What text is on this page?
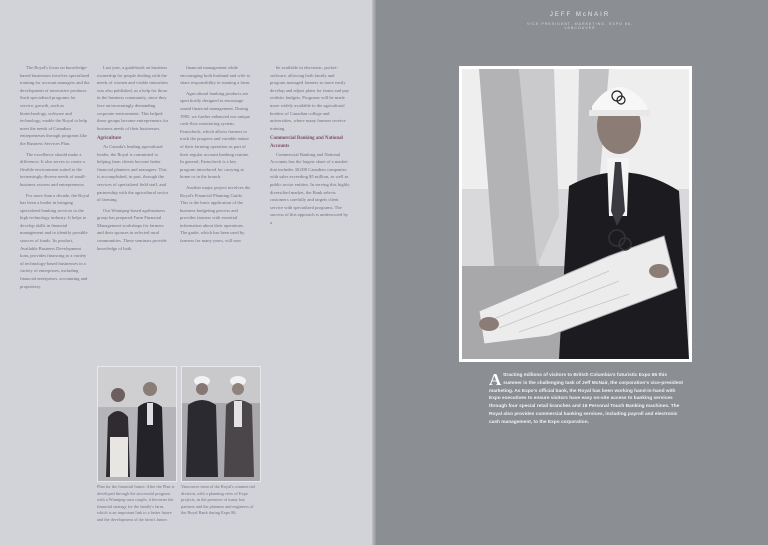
The Royal's focus on knowledge-based businesses involves specialized training for account managers and the development of innovative products. Such specialized programs for service, growth, such as biotechnology, software and technology, enable the Royal to help meet the needs of Canadian entrepreneurs through programs like the Business Services Plan.

The excellence should make a difference. It also serves to create a flexible environment suited to the increasingly diverse needs of small-business owners and entrepreneurs.

For more than a decade, the Royal has been a leader in bringing specialized banking services to the high technology industry. It helps to develop skills in financial management and to identify possible sources of funds. Its product, Available Business Development loan, provides financing to a variety of technology-based businesses in a variety of enterprises, including financial enterprises, accounting and proprietary.

Last year, a guidebook on business ownership for people dealing with the needs of women and visible minorities was also published, as a help for those in the business community, since they face an increasingly demanding corporate environment. This helped these groups become entrepreneurs for business needs of their businesses.

Agriculture

As Canada's leading agricultural lender, the Royal is committed to helping farm clients become better financial planners and managers. This is accomplished, in part, through the services of specialized field staff, and partnership with the agricultural sector of farming.

Our Winnipeg-based agribusiness group has prepared Farm Financial Management workshops for farmers and their spouses in selected rural communities. These seminars provide knowledge of both

financial management while encouraging both husband and wife to share responsibility in running a farm.

Agricultural banking products are specifically designed to encourage sound financial management. During 1985, we further enhanced our unique cash-flow monitoring system, Farmcheck, which allows farmers to track the progress and variable nature of their farming operation as part of their regular account banking routine. In general, Farmcheck is a key program introduced for carrying at home or in the branch.

Another major project involves the Royal's Financial Planning Guide. This is the basic application of the business budgeting process and provides farmers with essential information about their operations. The guide, which has been used by farmers for many years, will now

be available in electronic, pocket-software, allowing both family and program managed farmers to more easily develop and adjust plans for farms and pay realistic budgets. Programs will be made more widely available to the agricultural borders of Canadian college and universities, where many farmers receive training.

Commercial Banking and National Accounts

Commercial Banking and National Accounts has the largest share of a market that includes 30,000 Canadian companies with sales exceeding $5 million, as well as public sector entities. In serving this highly diversified market, the Bank selects customers carefully and targets client service with specialized programs. The success of this approach is underscored by a

Plan for the financial future. After the Plan is developed through the successful program with a Winnipeg-area couple, it becomes the financial strategy for the family's farm, which is an important link to a better future and the development of the farm's future.
Vancouver team of the Royal's commercial division, with a planning view of Expo projects, in the presence of many key partners and the planners and engineers of the Royal Bank during Expo 86.
JEFF McNAIR
VICE PRESIDENT, MARKETING, EXPO 86, VANCOUVER
Attracting millions of visitors to British Columbia's futuristic Expo 86 this summer is the challenging task of Jeff McNair, the corporation's vice-president marketing. As Expo's official bank, the Royal has been working hand-in-hand with Expo executives to ensure visitors have easy on-site access to banking services through four special retail branches and 16 Personal Touch Banking machines. The Royal also provides commercial banking services, including payroll and electronic cash management, to the Expo corporation.
